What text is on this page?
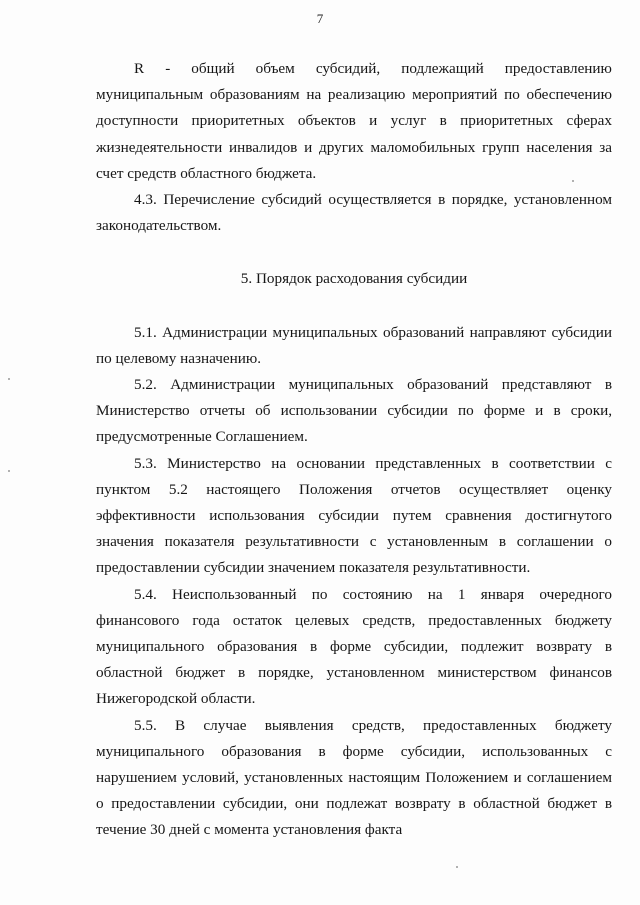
7
R - общий объем субсидий, подлежащий предоставлению

муниципальным образованиям на реализацию мероприятий по обеспечению доступности приоритетных объектов и услуг в приоритетных сферах жизнедеятельности инвалидов и других маломобильных групп населения за счет средств областного бюджета.

4.3. Перечисление субсидий осуществляется в порядке, установленном законодательством.

5. Порядок расходования субсидии

5.1. Администрации муниципальных образований направляют субсидии по целевому назначению.

5.2. Администрации муниципальных образований представляют в Министерство отчеты об использовании субсидии по форме и в сроки, предусмотренные Соглашением.

5.3. Министерство на основании представленных в соответствии с пунктом 5.2 настоящего Положения отчетов осуществляет оценку эффективности использования субсидии путем сравнения достигнутого значения показателя результативности с установленным в соглашении о предоставлении субсидии значением показателя результативности.

5.4. Неиспользованный по состоянию на 1 января очередного финансового года остаток целевых средств, предоставленных бюджету муниципального образования в форме субсидии, подлежит возврату в областной бюджет в порядке, установленном министерством финансов Нижегородской области.

5.5. В случае выявления средств, предоставленных бюджету муниципального образования в форме субсидии, использованных с нарушением условий, установленных настоящим Положением и соглашением о предоставлении субсидии, они подлежат возврату в областной бюджет в течение 30 дней с момента установления факта
